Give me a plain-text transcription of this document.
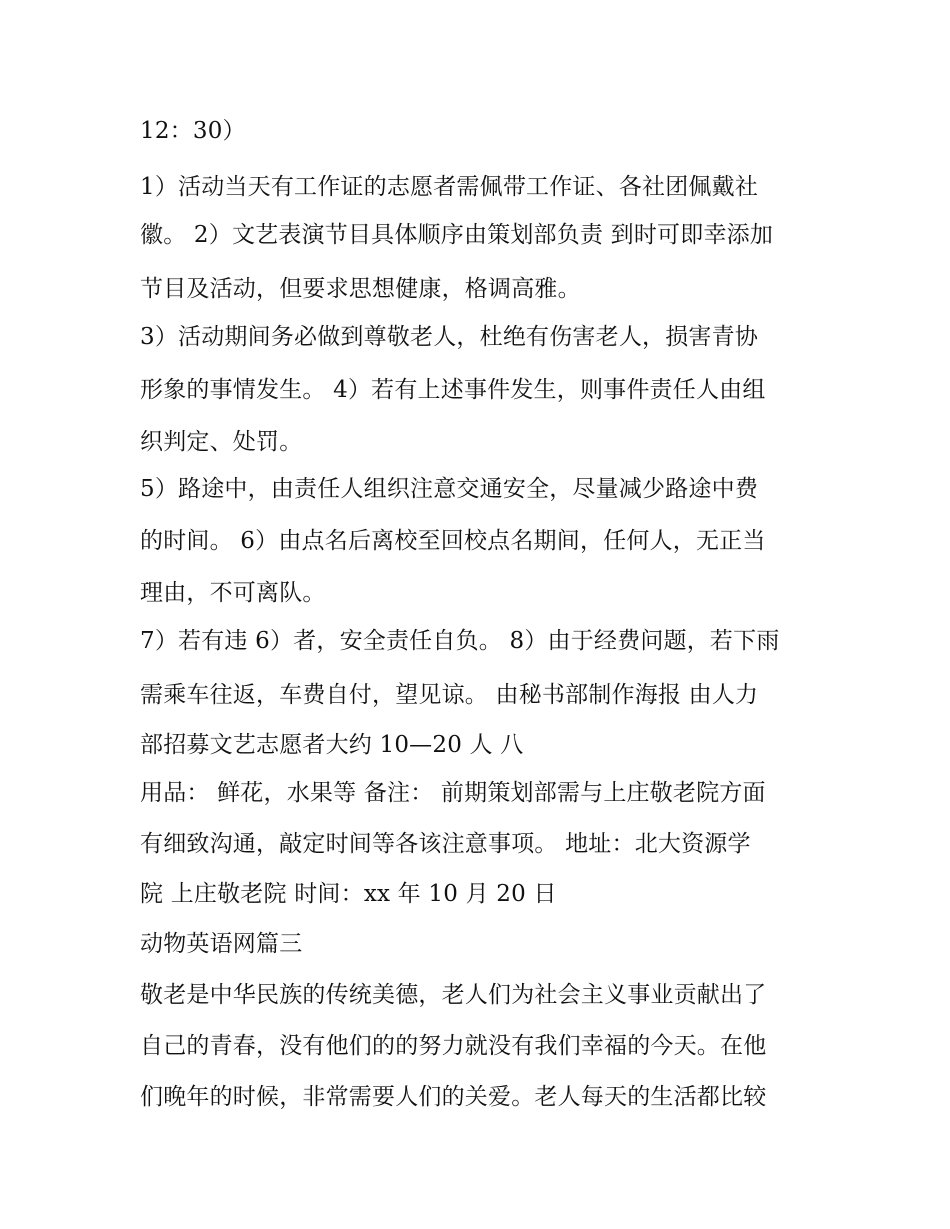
12：30）
1）活动当天有工作证的志愿者需佩带工作证、各社团佩戴社
徽。 2）文艺表演节目具体顺序由策划部负责 到时可即幸添加
节目及活动，但要求思想健康，格调高雅。
3）活动期间务必做到尊敬老人，杜绝有伤害老人，损害青协
形象的事情发生。 4）若有上述事件发生，则事件责任人由组
织判定、处罚。
5）路途中，由责任人组织注意交通安全，尽量减少路途中费
的时间。 6）由点名后离校至回校点名期间，任何人，无正当
理由，不可离队。
7）若有违 6）者，安全责任自负。 8）由于经费问题，若下雨
需乘车往返，车费自付，望见谅。 由秘书部制作海报 由人力
部招募文艺志愿者大约 10—20 人 八
用品： 鲜花，水果等 备注： 前期策划部需与上庄敬老院方面
有细致沟通，敲定时间等各该注意事项。 地址：北大资源学
院 上庄敬老院 时间：xx 年 10 月 20 日
动物英语网篇三
敬老是中华民族的传统美德，老人们为社会主义事业贡献出了
自己的青春，没有他们的的努力就没有我们幸福的今天。在他
们晚年的时候，非常需要人们的关爱。老人每天的生活都比较
